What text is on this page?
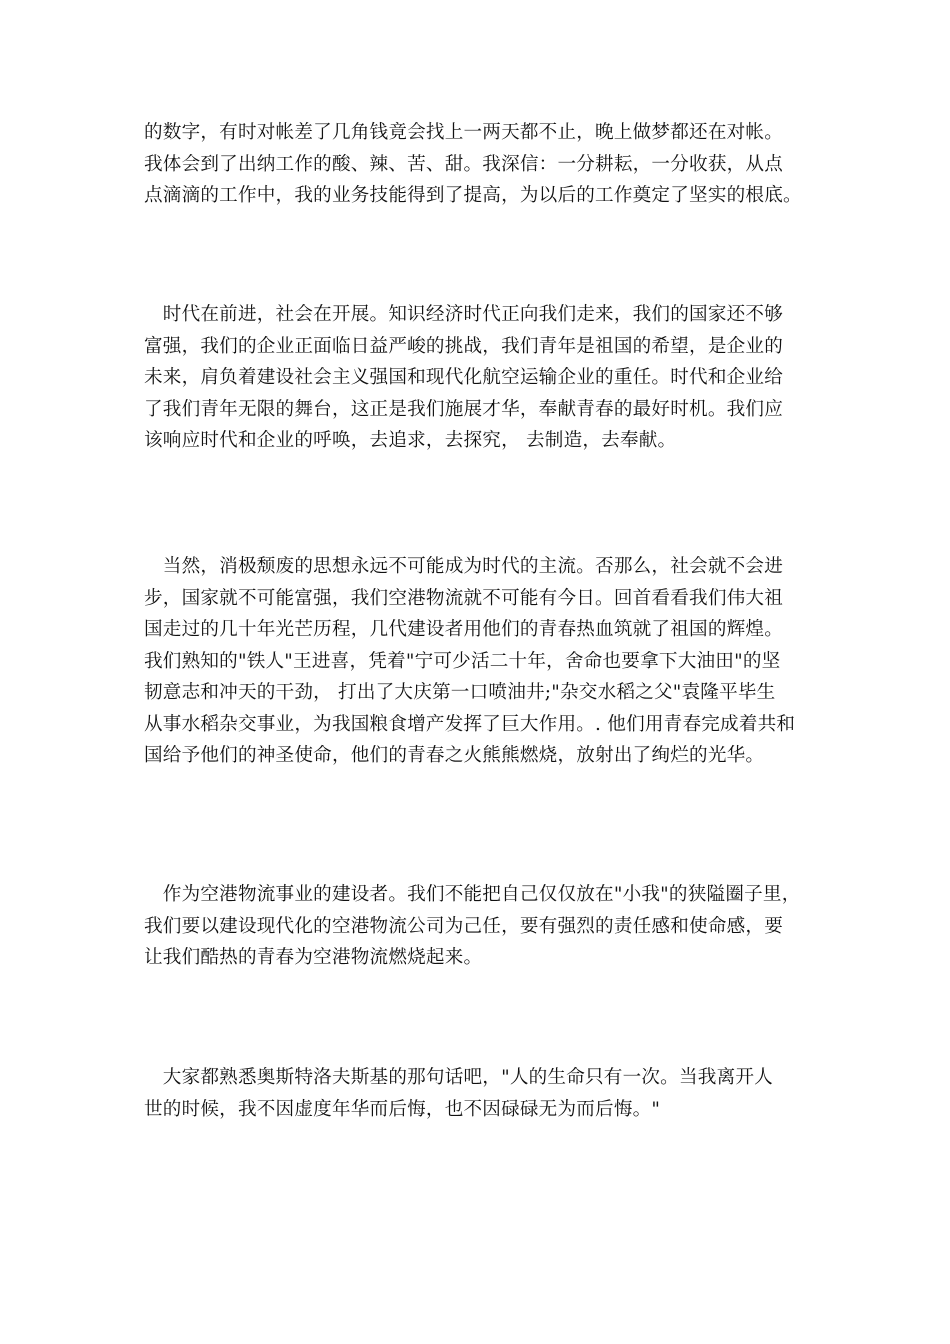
的数字，有时对帐差了几角钱竟会找上一两天都不止，晚上做梦都还在对帐。
我体会到了出纳工作的酸、辣、苦、甜。我深信：一分耕耘，一分收获，从点
点滴滴的工作中，我的业务技能得到了提高，为以后的工作奠定了坚实的根底。
　时代在前进，社会在开展。知识经济时代正向我们走来，我们的国家还不够
富强，我们的企业正面临日益严峻的挑战，我们青年是祖国的希望，是企业的
未来，肩负着建设社会主义强国和现代化航空运输企业的重任。时代和企业给
了我们青年无限的舞台，这正是我们施展才华，奉献青春的最好时机。我们应
该响应时代和企业的呼唤，去追求，去探究， 去制造，去奉献。
　当然，消极颓废的思想永远不可能成为时代的主流。否那么，社会就不会进
步，国家就不可能富强，我们空港物流就不可能有今日。回首看看我们伟大祖
国走过的几十年光芒历程，几代建设者用他们的青春热血筑就了祖国的辉煌。
我们熟知的"铁人"王进喜，凭着"宁可少活二十年，舍命也要拿下大油田"的坚
韧意志和冲天的干劲， 打出了大庆第一口喷油井;"杂交水稻之父"袁隆平毕生
从事水稻杂交事业，为我国粮食增产发挥了巨大作用。. 他们用青春完成着共和
国给予他们的神圣使命，他们的青春之火熊熊燃烧，放射出了绚烂的光华。
　作为空港物流事业的建设者。我们不能把自己仅仅放在"小我"的狭隘圈子里，
我们要以建设现代化的空港物流公司为己任，要有强烈的责任感和使命感，要
让我们酷热的青春为空港物流燃烧起来。
　大家都熟悉奥斯特洛夫斯基的那句话吧，"人的生命只有一次。当我离开人
世的时候，我不因虚度年华而后悔，也不因碌碌无为而后悔。"
